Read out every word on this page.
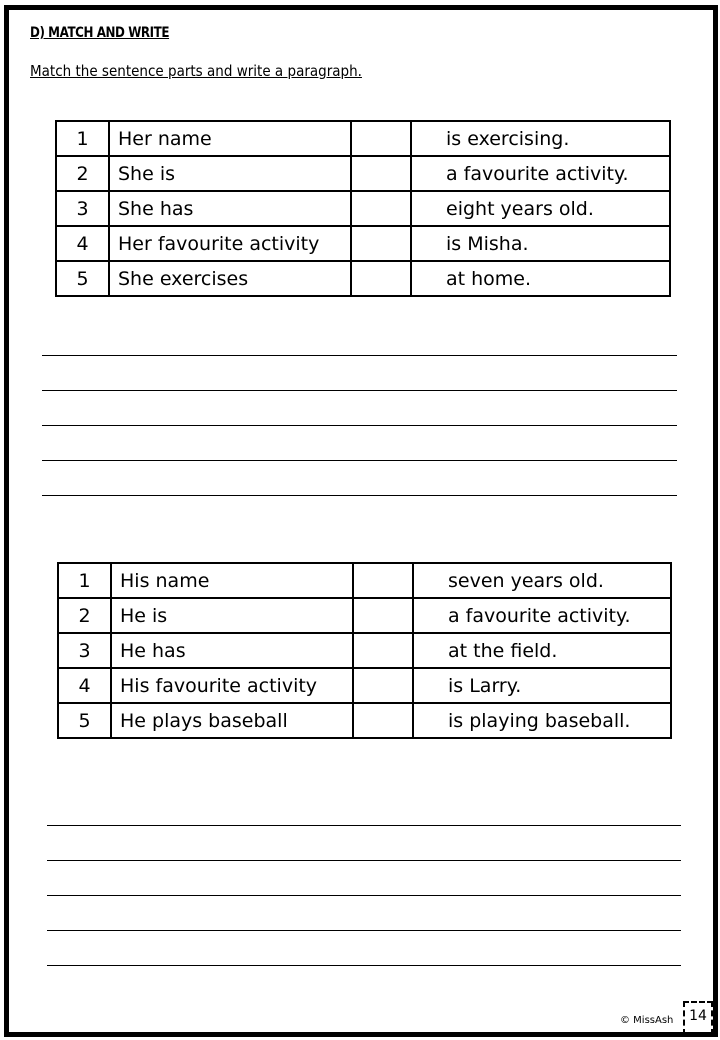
D) MATCH AND WRITE
Match the sentence parts and write a paragraph.
1	Her name		is exercising.
2	She is		a favourite activity.
3	She has		eight years old.
4	Her favourite activity		is Misha.
5	She exercises		at home.
1	His name		seven years old.
2	He is		a favourite activity.
3	He has		at the field.
4	His favourite activity		is Larry.
5	He plays baseball		is playing baseball.
© MissAsh	14
